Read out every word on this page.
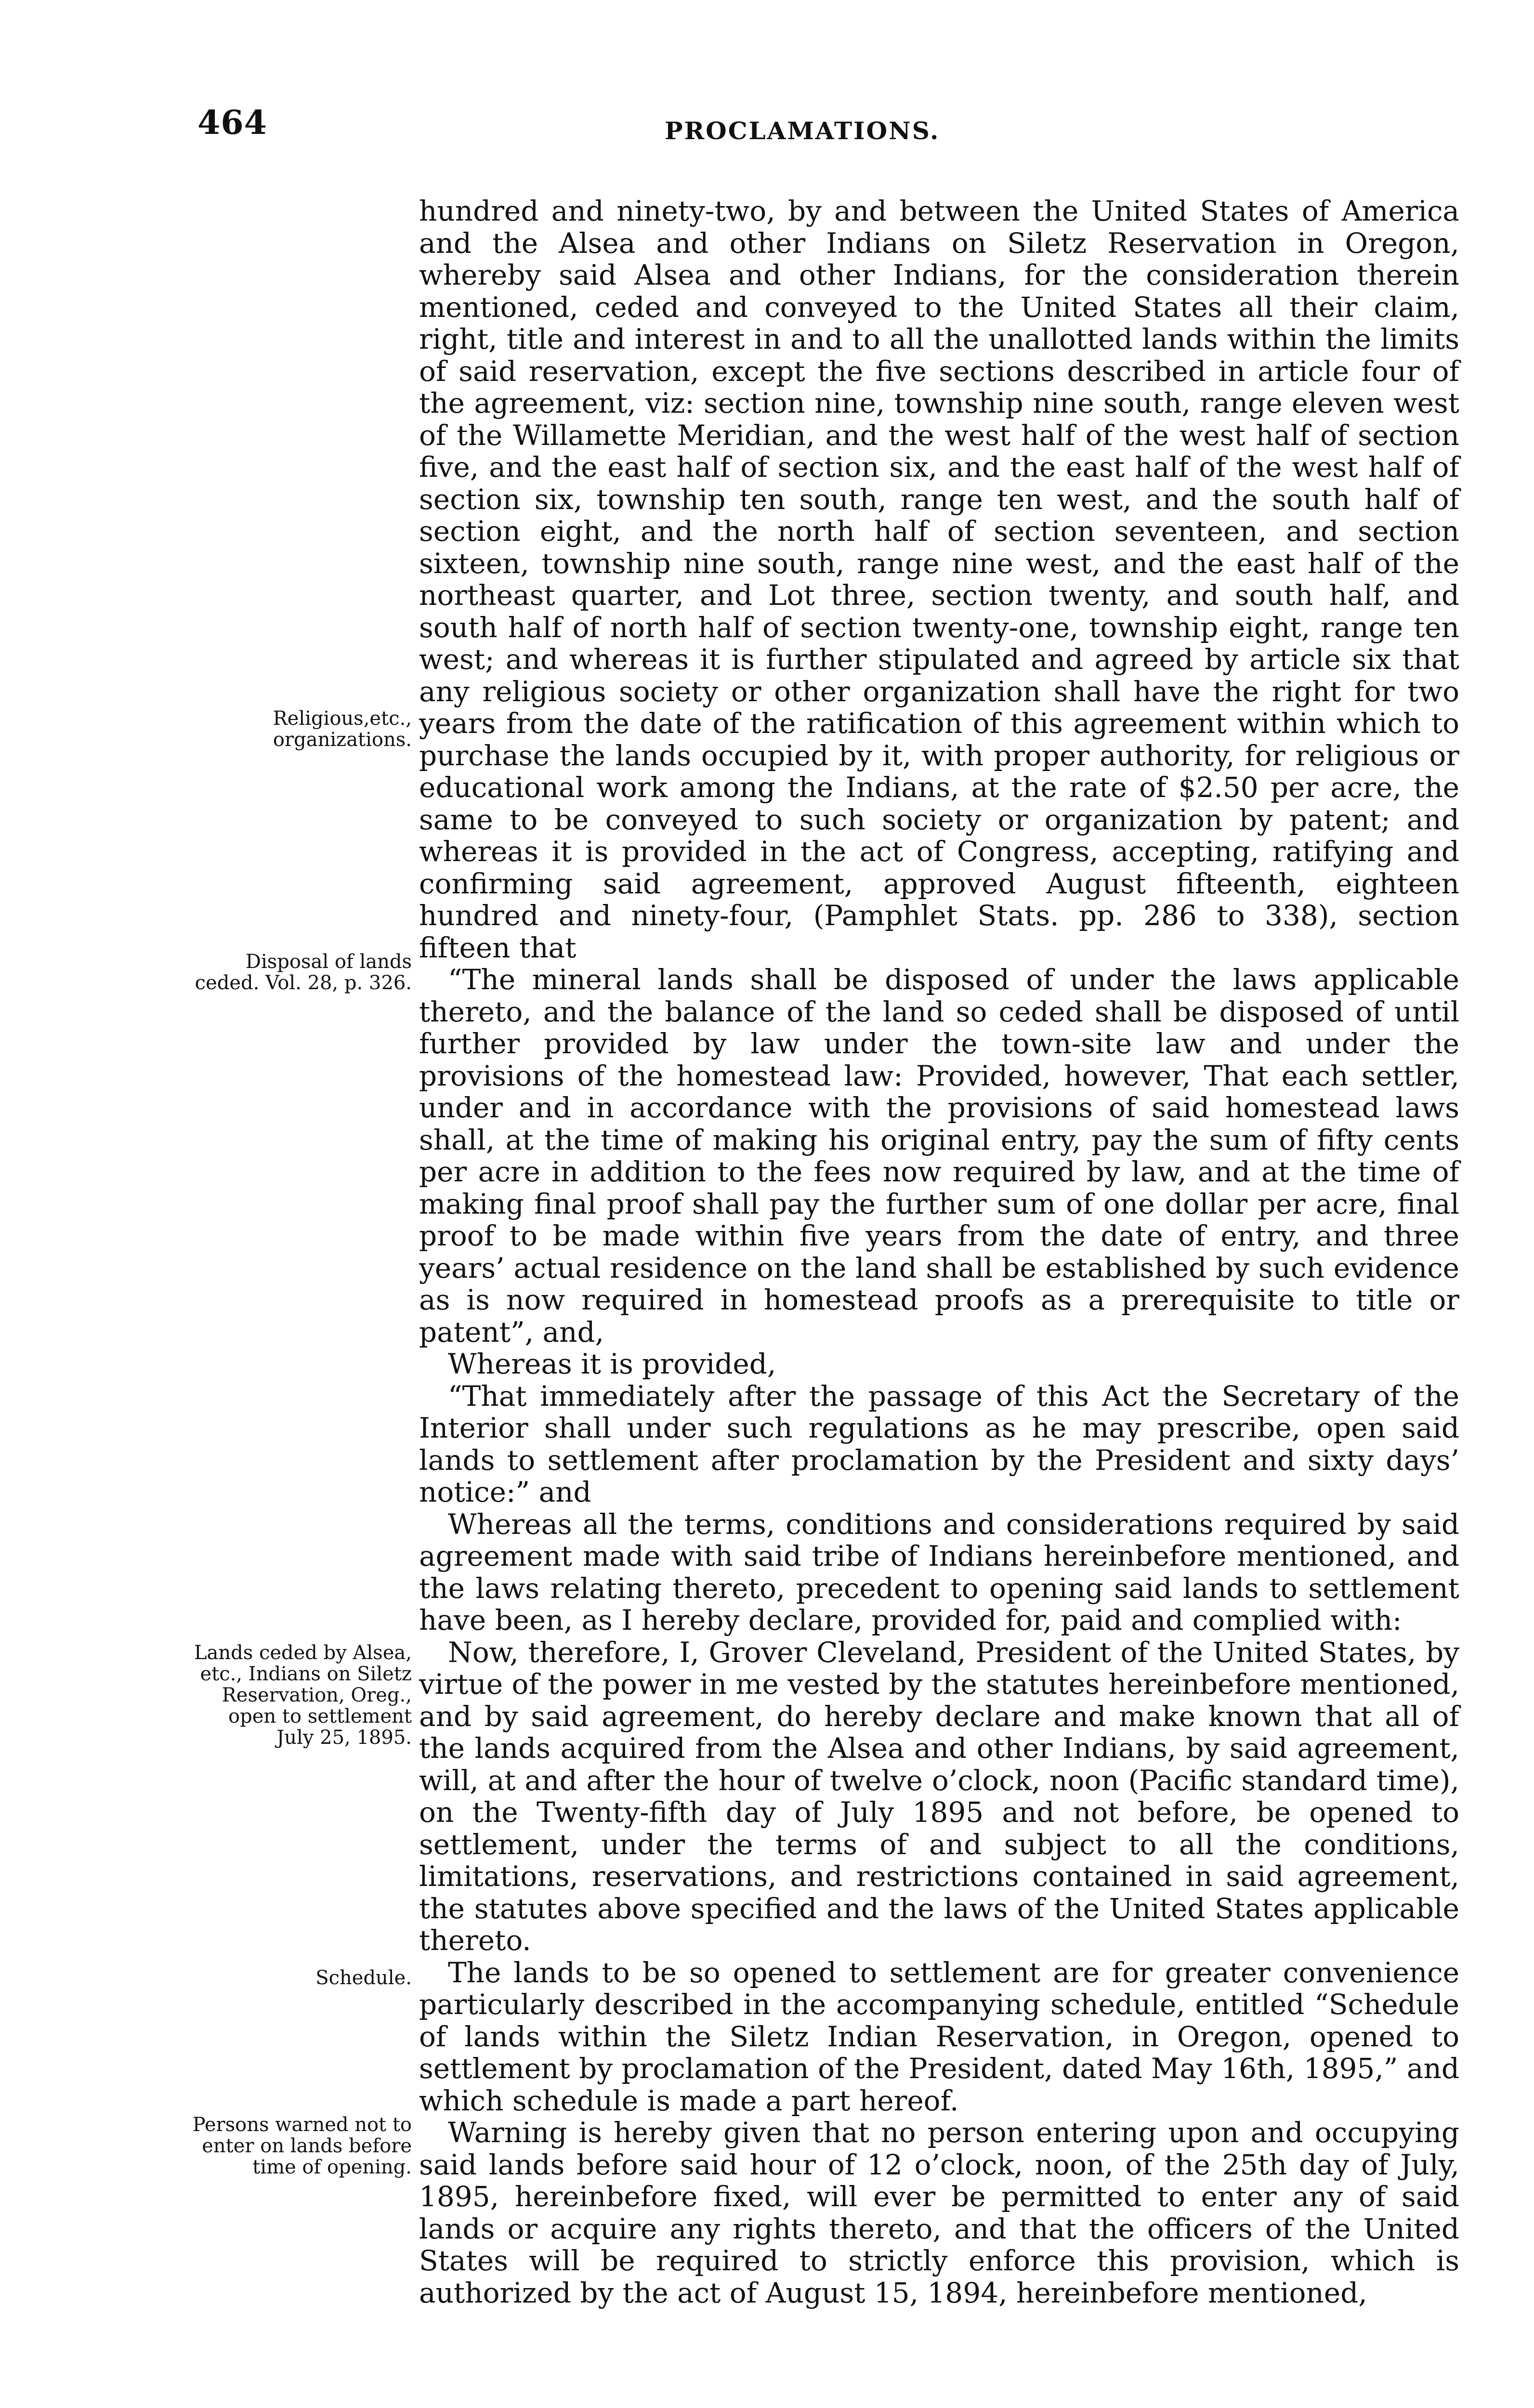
464	PROCLAMATIONS.
Religious,etc., organizations.
Disposal of lands ceded. Vol. 28, p. 326.
Lands ceded by Alsea, etc., Indians on Siletz Reservation, Oreg., open to settlement July 25, 1895.
Schedule.
Persons warned not to enter on lands before time of opening.

hundred and ninety-two, by and between the United States of America and the Alsea and other Indians on Siletz Reservation in Oregon, whereby said Alsea and other Indians, for the consideration therein mentioned, ceded and conveyed to the United States all their claim, right, title and interest in and to all the unallotted lands within the limits of said reservation, except the five sections described in article four of the agreement, viz: section nine, township nine south, range eleven west of the Willamette Meridian, and the west half of the west half of section five, and the east half of section six, and the east half of the west half of section six, township ten south, range ten west, and the south half of section eight, and the north half of section seventeen, and section sixteen, township nine south, range nine west, and the east half of the northeast quarter, and Lot three, section twenty, and south half, and south half of north half of section twenty-one, township eight, range ten west; and whereas it is further stipulated and agreed by article six that any religious society or other organization shall have the right for two years from the date of the ratification of this agreement within which to purchase the lands occupied by it, with proper authority, for religious or educational work among the Indians, at the rate of $2.50 per acre, the same to be conveyed to such society or organization by patent; and whereas it is provided in the act of Congress, accepting, ratifying and confirming said agreement, approved August fifteenth, eighteen hundred and ninety-four, (Pamphlet Stats. pp. 286 to 338), section fifteen that

“The mineral lands shall be disposed of under the laws applicable thereto, and the balance of the land so ceded shall be disposed of until further provided by law under the town-site law and under the provisions of the homestead law: Provided, however, That each settler, under and in accordance with the provisions of said homestead laws shall, at the time of making his original entry, pay the sum of fifty cents per acre in addition to the fees now required by law, and at the time of making final proof shall pay the further sum of one dollar per acre, final proof to be made within five years from the date of entry, and three years’ actual residence on the land shall be established by such evidence as is now required in homestead proofs as a prerequisite to title or patent”, and,

Whereas it is provided,

“That immediately after the passage of this Act the Secretary of the Interior shall under such regulations as he may prescribe, open said lands to settlement after proclamation by the President and sixty days’ notice:” and

Whereas all the terms, conditions and considerations required by said agreement made with said tribe of Indians hereinbefore mentioned, and the laws relating thereto, precedent to opening said lands to settlement have been, as I hereby declare, provided for, paid and complied with:

Now, therefore, I, Grover Cleveland, President of the United States, by virtue of the power in me vested by the statutes hereinbefore mentioned, and by said agreement, do hereby declare and make known that all of the lands acquired from the Alsea and other Indians, by said agreement, will, at and after the hour of twelve o’clock, noon (Pacific standard time), on the Twenty-fifth day of July 1895 and not before, be opened to settlement, under the terms of and subject to all the conditions, limitations, reservations, and restrictions contained in said agreement, the statutes above specified and the laws of the United States applicable thereto.

The lands to be so opened to settlement are for greater convenience particularly described in the accompanying schedule, entitled “Schedule of lands within the Siletz Indian Reservation, in Oregon, opened to settlement by proclamation of the President, dated May 16th, 1895,” and which schedule is made a part hereof.

Warning is hereby given that no person entering upon and occupying said lands before said hour of 12 o’clock, noon, of the 25th day of July, 1895, hereinbefore fixed, will ever be permitted to enter any of said lands or acquire any rights thereto, and that the officers of the United States will be required to strictly enforce this provision, which is authorized by the act of August 15, 1894, hereinbefore mentioned,
